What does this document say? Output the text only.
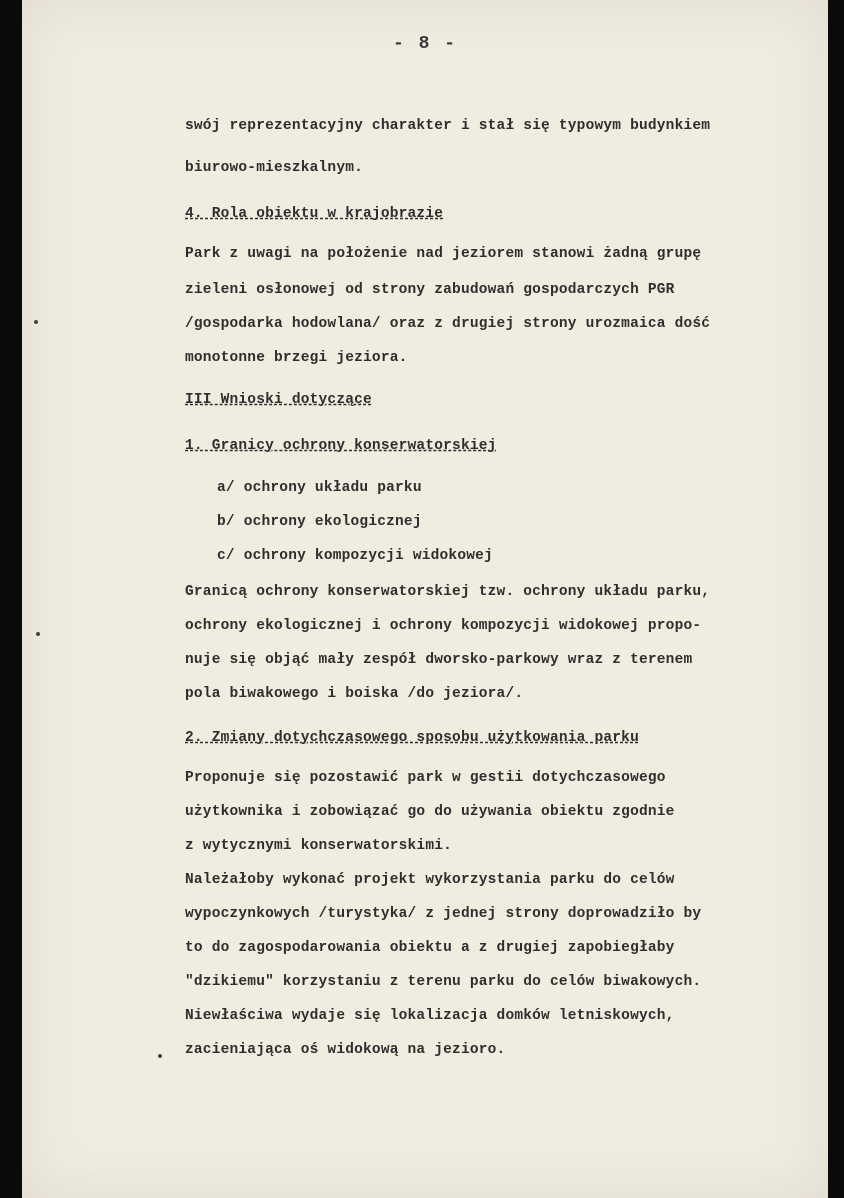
- 8 -
swój reprezentacyjny charakter i stał się typowym budynkiem
biurowo-mieszkalnym.
4. Rola obiektu w krajobrazie
Park z uwagi na położenie nad jeziorem stanowi żadną grupę
zieleni osłonowej od strony zabudowań gospodarczych PGR
/gospodarka hodowlana/ oraz z drugiej strony urozmaica dość
monotonne brzegi jeziora.
III Wnioski dotyczące
1. Granicy ochrony konserwatorskiej
a/ ochrony układu parku
b/ ochrony ekologicznej
c/ ochrony kompozycji widokowej
Granicą ochrony konserwatorskiej tzw. ochrony układu parku,
ochrony ekologicznej i ochrony kompozycji widokowej propo-
nuje się objąć mały zespół dworsko-parkowy wraz z terenem
pola biwakowego i boiska /do jeziora/.
2. Zmiany dotychczasowego sposobu użytkowania parku
Proponuje się pozostawić park w gestii dotychczasowego
użytkownika i zobowiązać go do używania obiektu zgodnie
z wytycznymi konserwatorskimi.
Należałoby wykonać projekt wykorzystania parku do celów
wypoczynkowych /turystyka/ z jednej strony doprowadziło by
to do zagospodarowania obiektu a z drugiej zapobiegłaby
"dzikiemu" korzystaniu z terenu parku do celów biwakowych.
Niewłaściwa wydaje się lokalizacja domków letniskowych,
zacieniająca oś widokową na jezioro.
